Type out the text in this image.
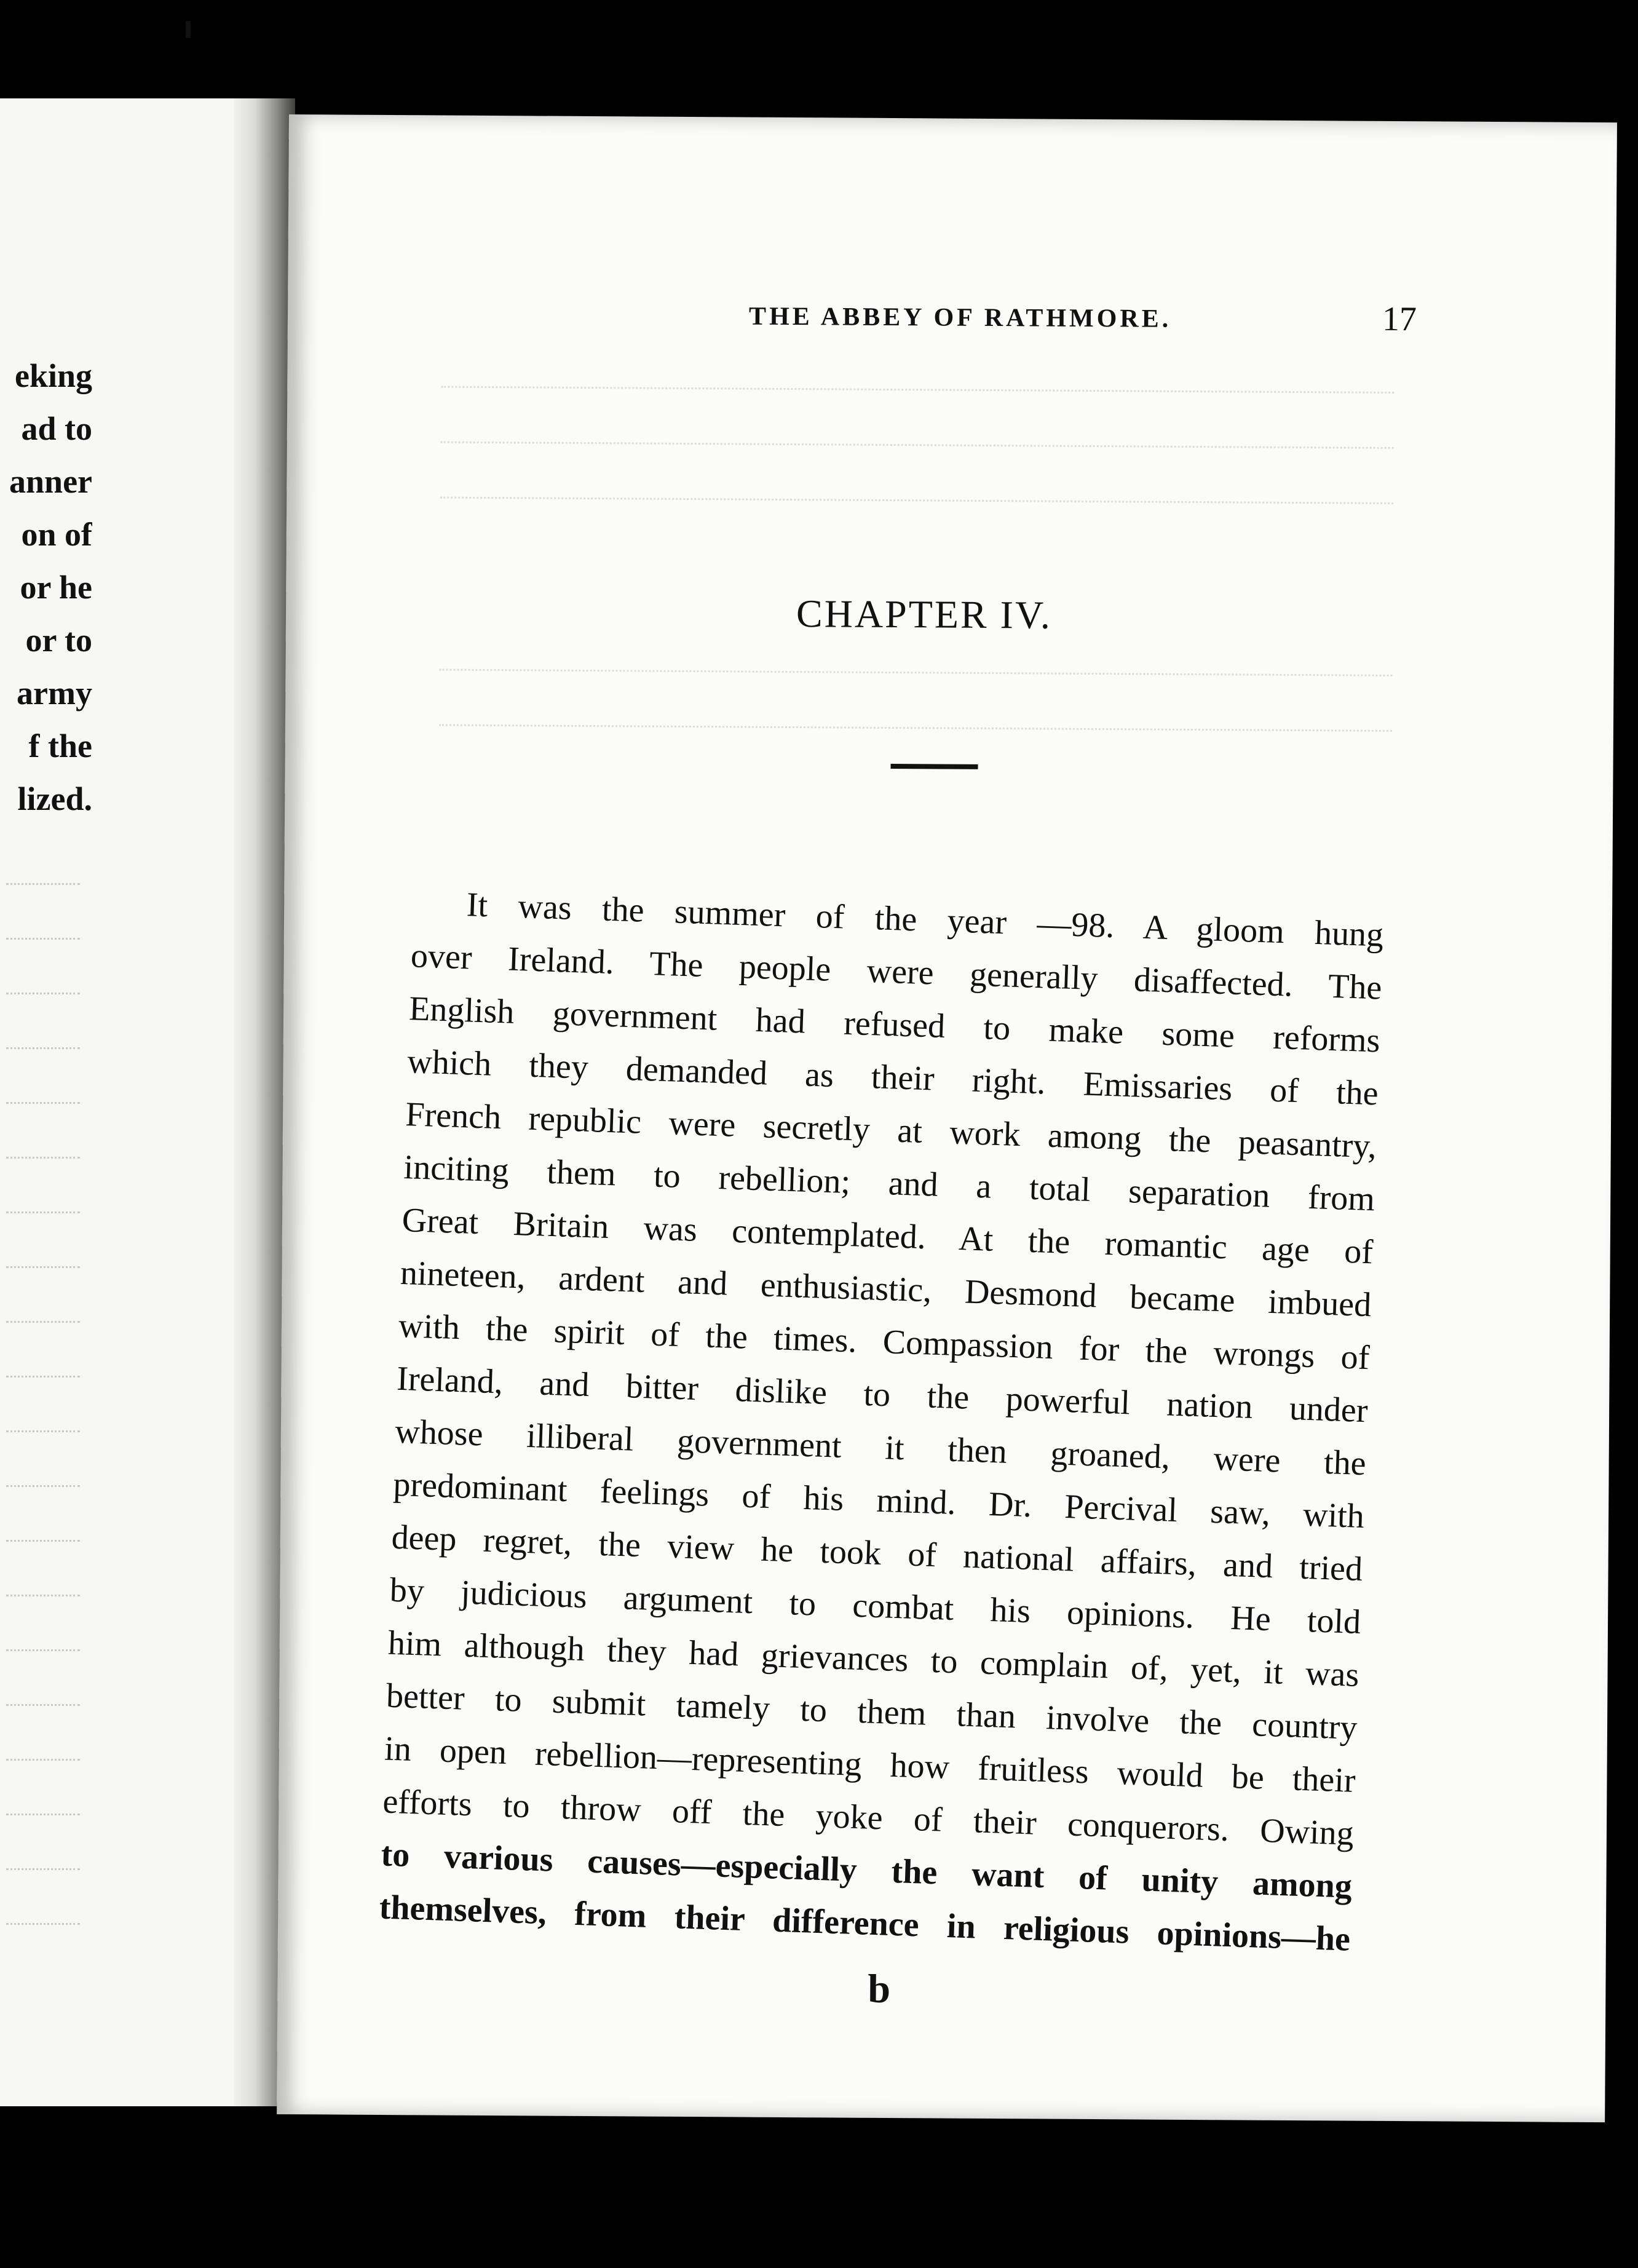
eking
ad to
anner
on of
or he
or to
army
f the
lized.
THE ABBEY OF RATHMORE.	17
CHAPTER IV.
It was the summer of the year —98. A gloom hung
over Ireland. The people were generally disaffected. The
English government had refused to make some reforms
which they demanded as their right. Emissaries of the
French republic were secretly at work among the peasantry,
inciting them to rebellion; and a total separation from
Great Britain was contemplated. At the romantic age of
nineteen, ardent and enthusiastic, Desmond became imbued
with the spirit of the times. Compassion for the wrongs of
Ireland, and bitter dislike to the powerful nation under
whose illiberal government it then groaned, were the
predominant feelings of his mind. Dr. Percival saw, with
deep regret, the view he took of national affairs, and tried
by judicious argument to combat his opinions. He told
him although they had grievances to complain of, yet, it was
better to submit tamely to them than involve the country
in open rebellion—representing how fruitless would be their
efforts to throw off the yoke of their conquerors. Owing
to various causes—especially the want of unity among
themselves, from their difference in religious opinions—he
b
